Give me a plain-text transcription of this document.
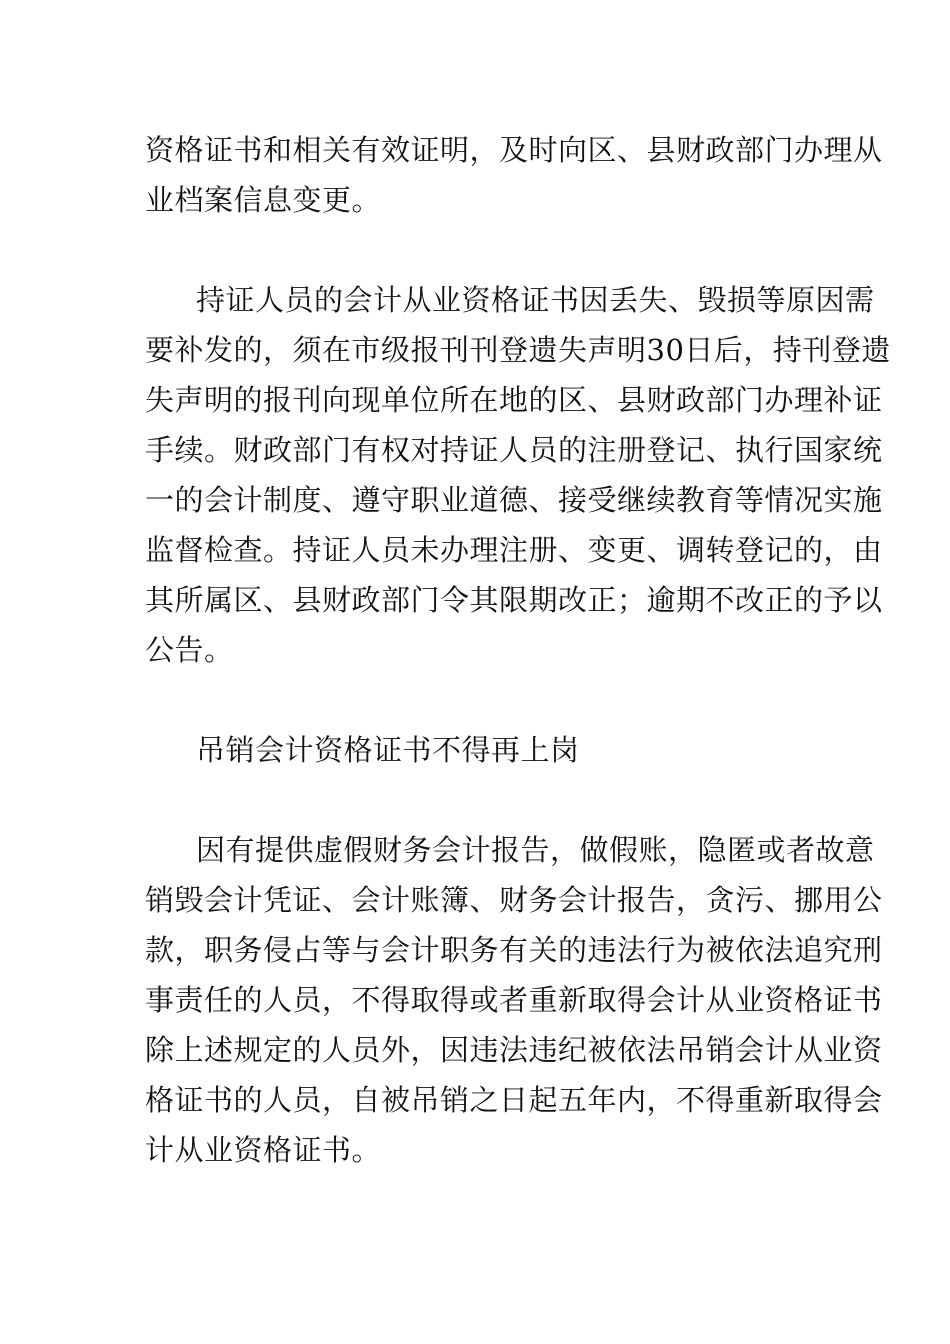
资格证书和相关有效证明，及时向区、县财政部门办理从
业档案信息变更。
持证人员的会计从业资格证书因丢失、毁损等原因需
要补发的，须在市级报刊刊登遗失声明30日后，持刊登遗
失声明的报刊向现单位所在地的区、县财政部门办理补证
手续。财政部门有权对持证人员的注册登记、执行国家统
一的会计制度、遵守职业道德、接受继续教育等情况实施
监督检查。持证人员未办理注册、变更、调转登记的，由
其所属区、县财政部门令其限期改正；逾期不改正的予以
公告。
吊销会计资格证书不得再上岗
因有提供虚假财务会计报告，做假账，隐匿或者故意
销毁会计凭证、会计账簿、财务会计报告，贪污、挪用公
款，职务侵占等与会计职务有关的违法行为被依法追究刑
事责任的人员，不得取得或者重新取得会计从业资格证书
除上述规定的人员外，因违法违纪被依法吊销会计从业资
格证书的人员，自被吊销之日起五年内，不得重新取得会
计从业资格证书。
